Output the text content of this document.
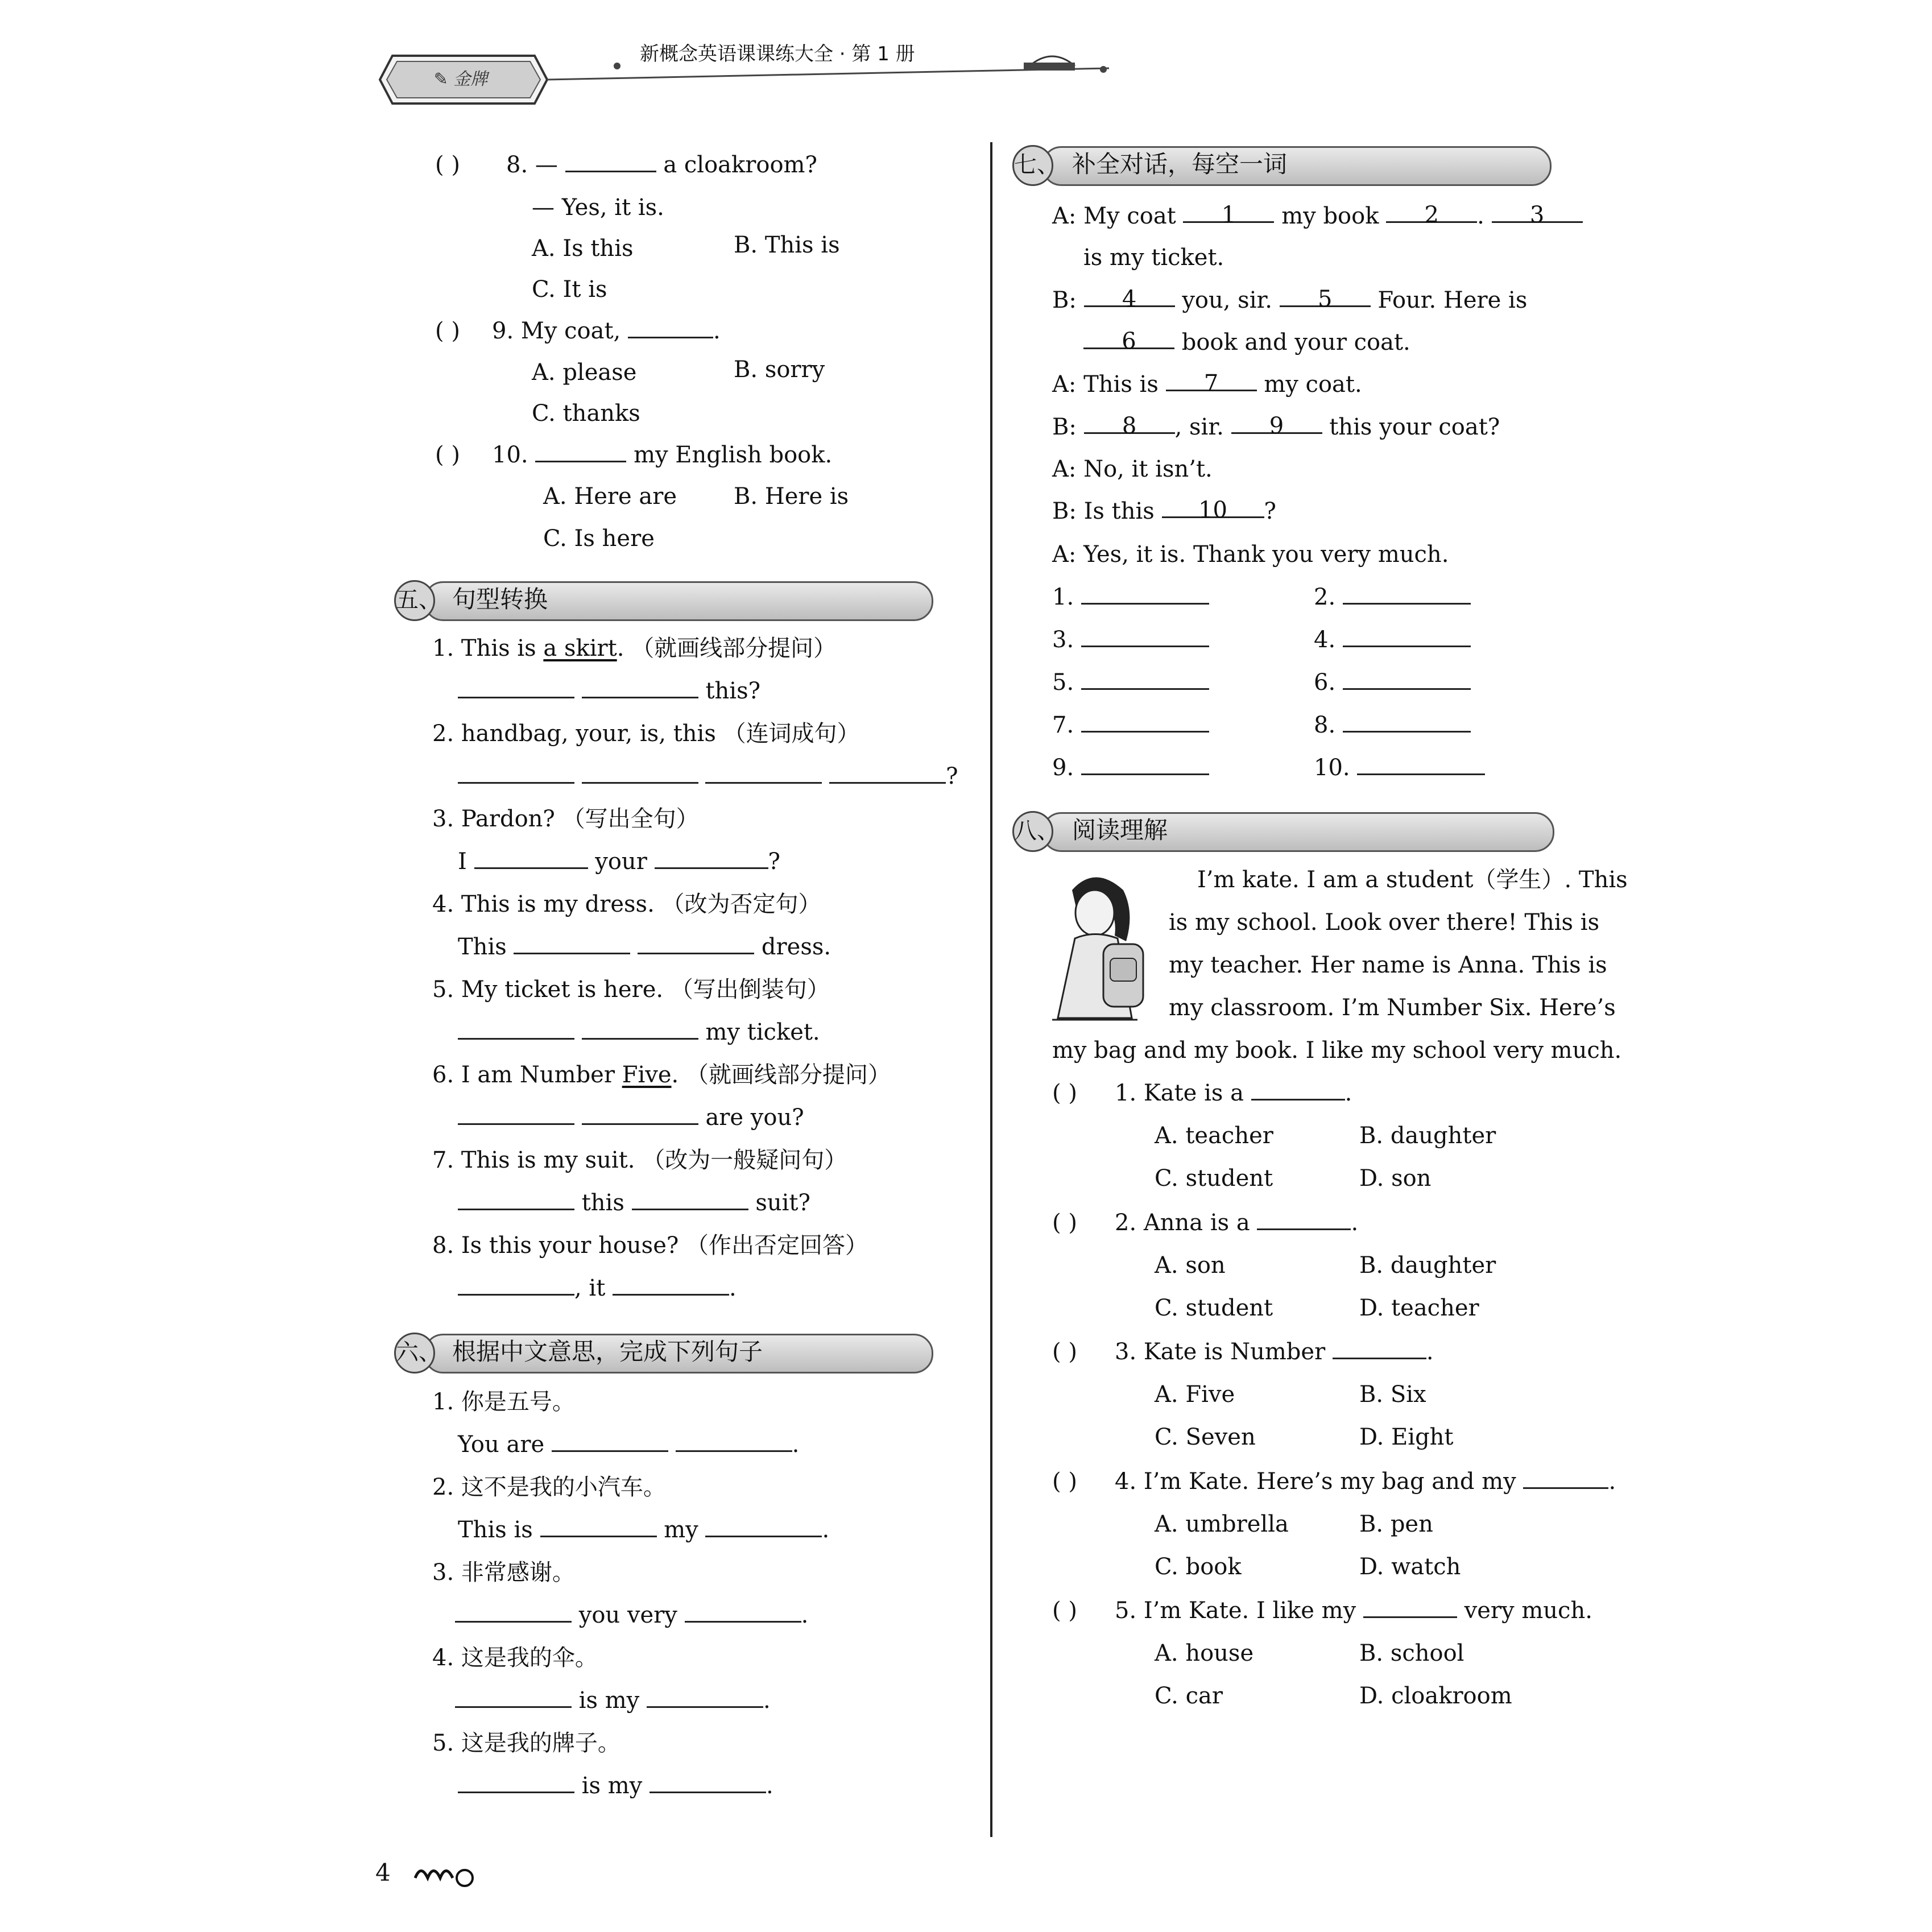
✎ 金牌
新概念英语课课练大全 · 第 1 册
( ) 8. —	a cloakroom?
— Yes, it is.
A. Is this	B. This is
C. It is
( ) 9. My coat,	.
A. please	B. sorry
C. thanks
( ) 10.	my English book.
A. Here are B. Here is
C. Is here
五、 句型转换
1. This is a skirt. （就画线部分提问）
this?
2. handbag, your, is, this （连词成句）
?
3. Pardon? （写出全句）
I	your	?
4. This is my dress. （改为否定句）
This	dress.
5. My ticket is here. （写出倒装句）
my ticket.
6. I am Number Five. （就画线部分提问）
are you?
7. This is my suit. （改为一般疑问句）
this	suit?
8. Is this your house? （作出否定回答）
, it	.
六、 根据中文意思，完成下列句子
1. 你是五号。
You are	.
2. 这不是我的小汽车。
This is	my	.
3. 非常感谢。
you very	.
4. 这是我的伞。
is my	.
5. 这是我的牌子。
is my	.
七、 补全对话，每空一词
A: My coat 1 my book 2 . 3
is my ticket.
B: 4 you, sir. 5 Four. Here is
6 book and your coat.
A: This is 7 my coat.
B: 8 , sir. 9 this your coat?
A: No, it isn’t.
B: Is this 10 ?
A: Yes, it is. Thank you very much.
1.	2.
3.	4.
5.	6.
7.	8.
9.	10.
八、 阅读理解
I’m kate. I am a student（学生）. This
is my school. Look over there! This is
my teacher. Her name is Anna. This is
my classroom. I’m Number Six. Here’s
my bag and my book. I like my school very much.
( ) 1. Kate is a	.
A. teacher	B. daughter
C. student	D. son
( ) 2. Anna is a	.
A. son	B. daughter
C. student	D. teacher
( ) 3. Kate is Number	.
A. Five	B. Six
C. Seven	D. Eight
( ) 4. I’m Kate. Here’s my bag and my	.
A. umbrella	B. pen
C. book	D. watch
( ) 5. I’m Kate. I like my	very much.
A. house	B. school
C. car	D. cloakroom
4
